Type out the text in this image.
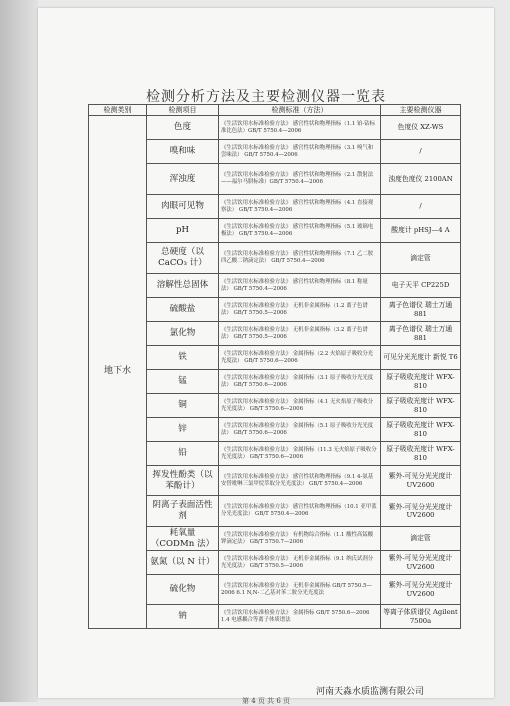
检测分析方法及主要检测仪器一览表
检测类别	检测项目	检测标准（方法）	主要检测仪器
地下水	色度	《生活饮用水标准检验方法》 感官性状和物理指标（1.1 铂-钴标准比色法）GB/T 5750.4—2006	色度仪 XZ-WS
	嗅和味	《生活饮用水标准检验方法》 感官性状和物理指标（3.1 嗅气和尝味法） GB/T 5750.4—2006	/
	浑浊度	《生活饮用水标准检验方法》 感官性状和物理指标（2.1 散射法——福尔马肼标准）GB/T 5750.4—2006	浊度色度仪 2100AN
	肉眼可见物	《生活饮用水标准检验方法》 感官性状和物理指标（4.1 直接观察法） GB/T 5750.4—2006	/
	pH	《生活饮用水标准检验方法》 感官性状和物理指标（5.1 玻璃电极法） GB/T 5750.4—2006	酸度计 pHSJ—4 A
	总硬度（以 CaCO₃ 计）	《生活饮用水标准检验方法》 感官性状和物理指标（7.1 乙二胺四乙酸二钠滴定法） GB/T 5750.4—2006	滴定管
	溶解性总固体	《生活饮用水标准检验方法》 感官性状和物理指标（8.1 称量法） GB/T 5750.4—2006	电子天平 CP225D
	硫酸盐	《生活饮用水标准检验方法》 无机非金属指标（1.2 离子色谱法） GB/T 5750.5—2006	离子色谱仪 瑞士万通 881
	氯化物	《生活饮用水标准检验方法》 无机非金属指标（3.2 离子色谱法） GB/T 5750.5—2006	离子色谱仪 瑞士万通 881
	铁	《生活饮用水标准检验方法》 金属指标（2.2 火焰原子吸收分光光度法） GB/T 5750.6—2006	可见分光光度计 新悦 T6
	锰	《生活饮用水标准检验方法》 金属指标（3.1 原子吸收分光光度法） GB/T 5750.6—2006	原子吸收光度计 WFX-810
	铜	《生活饮用水标准检验方法》 金属指标（4.1 无火焰原子吸收分光光度法） GB/T 5750.6—2006	原子吸收光度计 WFX-810
	锌	《生活饮用水标准检验方法》 金属指标（5.1 原子吸收分光光度法） GB/T 5750.6—2006	原子吸收光度计 WFX-810
	铅	《生活饮用水标准检验方法》 金属指标（11.3 无火焰原子吸收分光光度法） GB/T 5750.6—2006	原子吸收光度计 WFX-810
	挥发性酚类（以苯酚计）	《生活饮用水标准检验方法》 感官性状和物理指标（9.1 4-氨基安替吡啉三氯甲烷萃取分光光度法） GB/T 5750.4—2006	紫外-可见分光光度计 UV2600
	阴离子表面活性剂	《生活饮用水标准检验方法》 感官性状和物理指标（10.1 亚甲蓝分光光度法） GB/T 5750.4—2006	紫外-可见分光光度计 UV2600
	耗氧量（CODMn 法）	《生活饮用水标准检验方法》 有机物综合指标（1.1 酸性高锰酸钾滴定法） GB/T 5750.7—2006	滴定管
	氨氮（以 N 计）	《生活饮用水标准检验方法》 无机非金属指标（9.1 纳氏试剂分光光度法） GB/T 5750.5—2006	紫外-可见分光光度计 UV2600
	硫化物	《生活饮用水标准检验方法》 无机非金属指标 GB/T 5750.5—2006 6.1 N,N-二乙基对苯二胺分光光度法	紫外-可见分光光度计 UV2600
	钠	《生活饮用水标准检验方法》 金属指标 GB/T 5750.6—2006 1.4 电感耦合等离子体质谱法	等离子体质谱仪 Agilent 7500a
河南天淼水质监测有限公司
第 4 页 共 6 页
